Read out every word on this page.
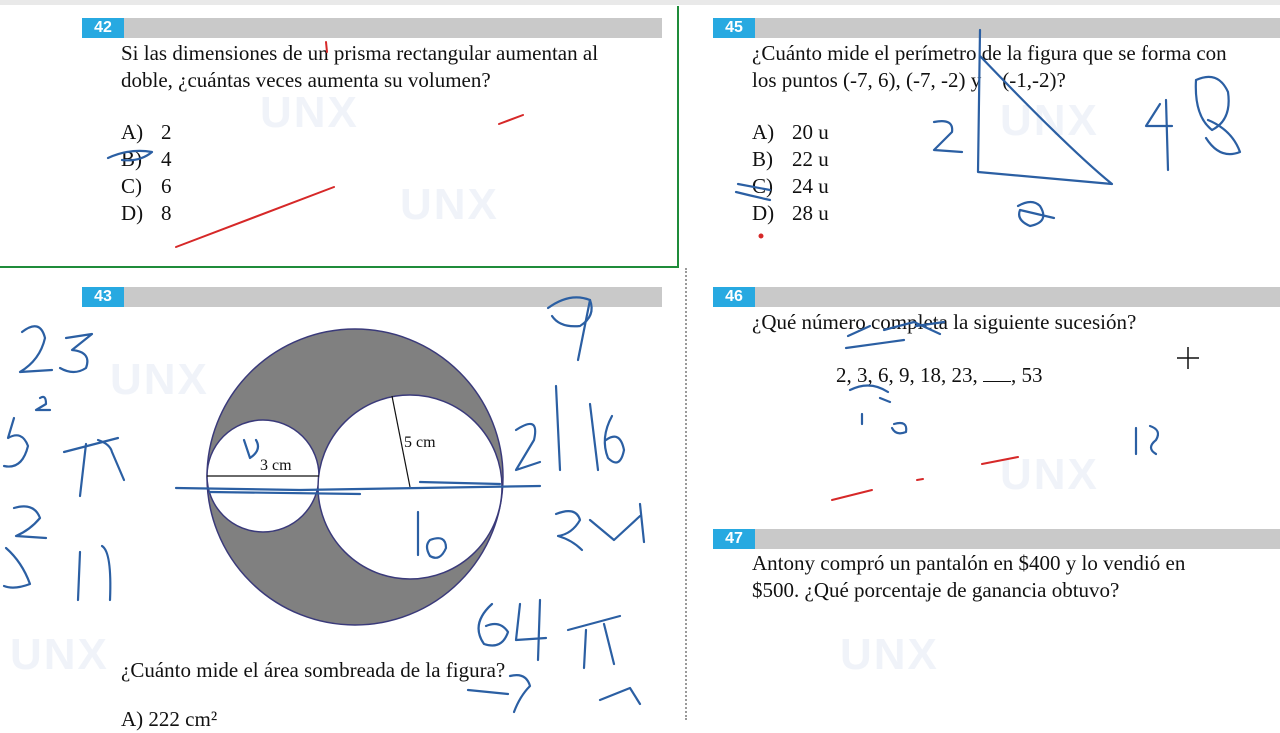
UNX
UNX
UNX
UNX
UNX
UNX
UNX
42
Si las dimensiones de un prisma rectangular aumentan al
doble, ¿cuántas veces aumenta su volumen?
A) 2
B) 4
C) 6
D) 8
43
3 cm
5 cm
¿Cuánto mide el área sombreada de la figura?
A) 222 cm²
45
¿Cuánto mide el perímetro de la figura que se forma con
los puntos (-7, 6), (-7, -2) y    (-1,-2)?
A) 20 u
B) 22 u
C) 24 u
D) 28 u
46
¿Qué número completa la siguiente sucesión?
2, 3, 6, 9, 18, 23, , 53
47
Antony compró un pantalón en $400 y lo vendió en
$500. ¿Qué porcentaje de ganancia obtuvo?
